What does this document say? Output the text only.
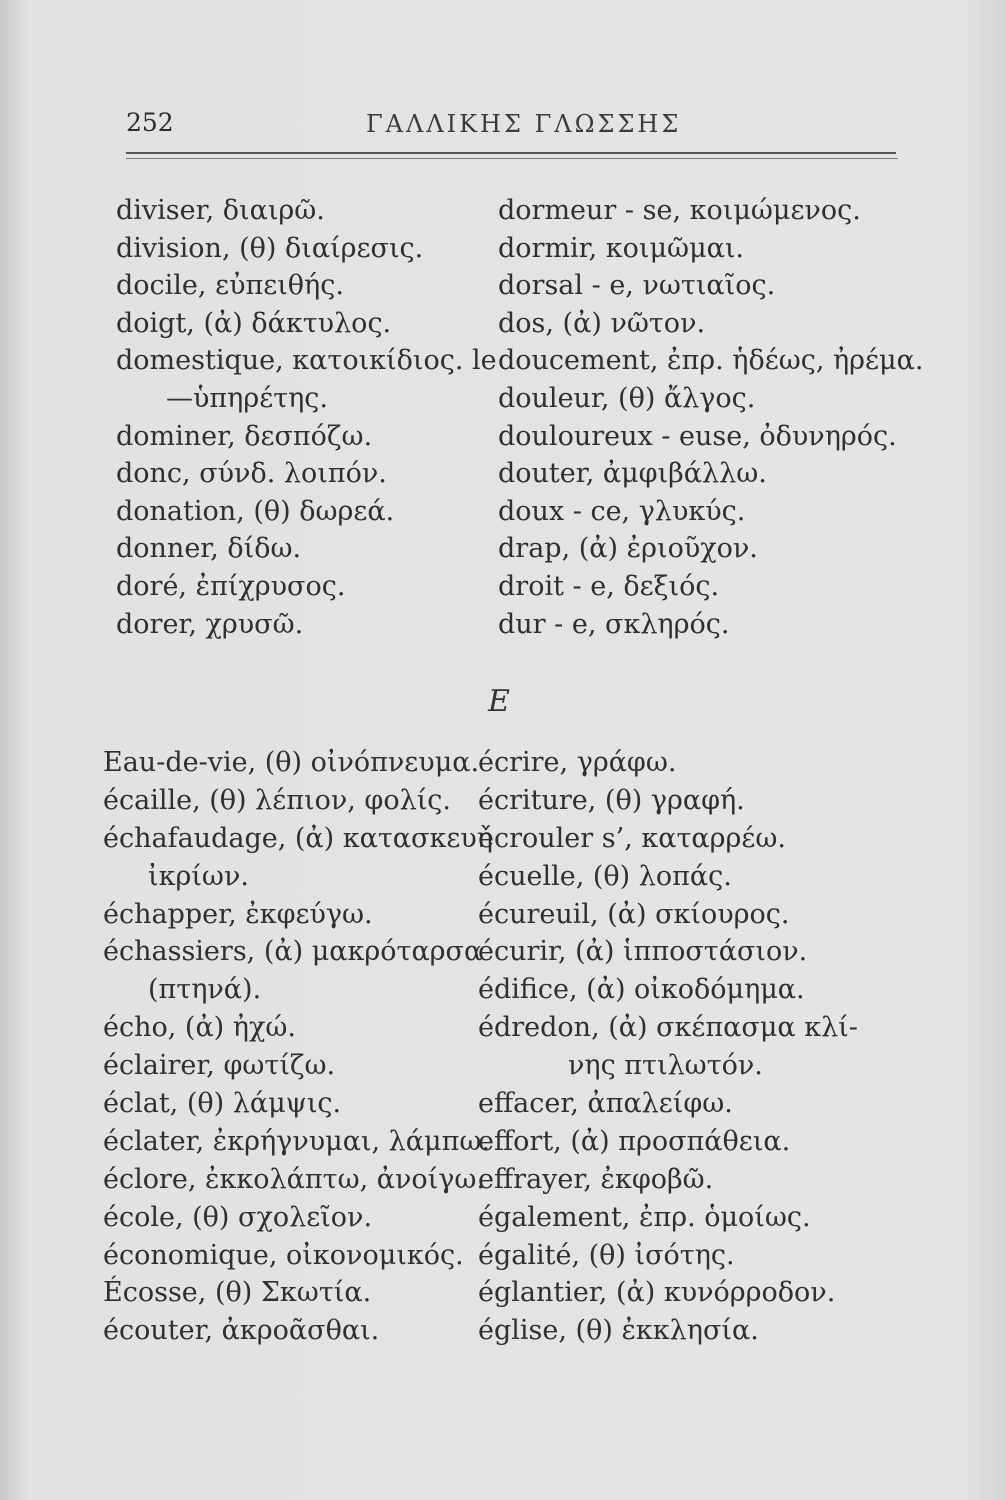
252	ΓΑΛΛΙΚΗΣ ΓΛΩΣΣΗΣ
diviser, διαιρῶ.
division, (θ) διαίρεσις.
docile, εὐπειθής.
doigt, (ἀ) δάκτυλος.
domestique, κατοικίδιος. le
—ὑπηρέτης.
dominer, δεσπόζω.
donc, σύνδ. λοιπόν.
donation, (θ) δωρεά.
donner, δίδω.
doré, ἐπίχρυσος.
dorer, χρυσῶ.
dormeur - se, κοιμώμενος.
dormir, κοιμῶμαι.
dorsal - e, νωτιαῖος.
dos, (ἀ) νῶτον.
doucement, ἐπρ. ἡδέως, ἠρέμα.
douleur, (θ) ἄλγος.
douloureux - euse, ὀδυνηρός.
douter, ἀμφιβάλλω.
doux - ce, γλυκύς.
drap, (ἀ) ἐριοῦχον.
droit - e, δεξιός.
dur - e, σκληρός.
E
Eau-de-vie, (θ) οἰνόπνευμα.
écaille, (θ) λέπιον, φολίς.
échafaudage, (ἀ) κατασκευὴ
ἰκρίων.
échapper, ἐκφεύγω.
échassiers, (ἀ) μακρόταρσα
(πτηνά).
écho, (ἀ) ἠχώ.
éclairer, φωτίζω.
éclat, (θ) λάμψις.
éclater, ἐκρήγνυμαι, λάμπω.
éclore, ἐκκολάπτω, ἀνοίγω.
école, (θ) σχολεῖον.
économique, οἰκονομικός.
Écosse, (θ) Σκωτία.
écouter, ἀκροᾶσθαι.
écrire, γράφω.
écriture, (θ) γραφή.
écrouler s’, καταρρέω.
écuelle, (θ) λοπάς.
écureuil, (ἀ) σκίουρος.
écurir, (ἀ) ἱπποστάσιον.
édifice, (ἀ) οἰκοδόμημα.
édredon, (ἀ) σκέπασμα κλί-
νης πτιλωτόν.
effacer, ἀπαλείφω.
effort, (ἀ) προσπάθεια.
effrayer, ἐκφοβῶ.
également, ἐπρ. ὁμοίως.
égalité, (θ) ἰσότης.
églantier, (ἀ) κυνόρροδον.
église, (θ) ἐκκλησία.
